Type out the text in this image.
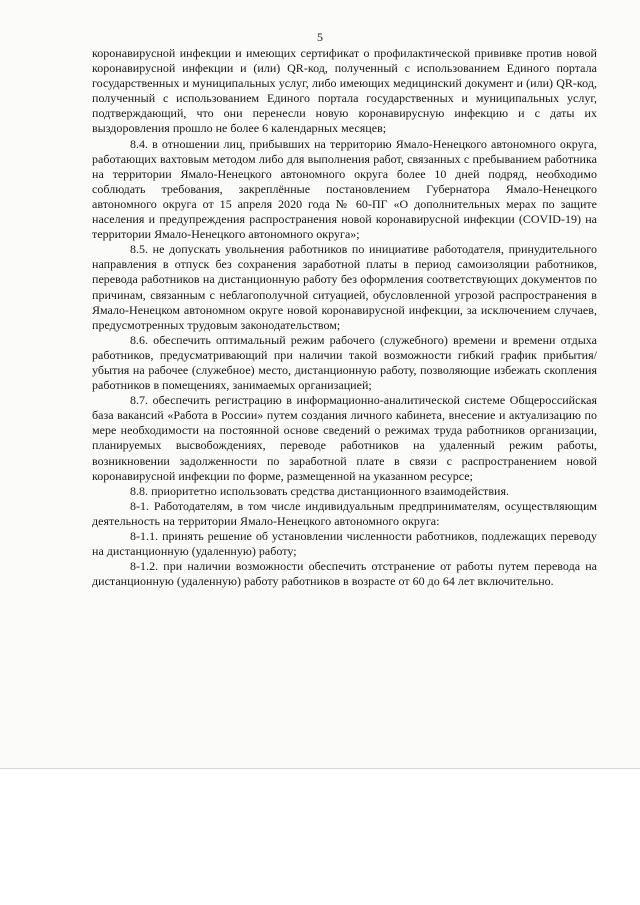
5

коронавирусной инфекции и имеющих сертификат о профилактической прививке против новой коронавирусной инфекции и (или) QR-код, полученный с использованием Единого портала государственных и муниципальных услуг, либо имеющих медицинский документ и (или) QR-код, полученный с использованием Единого портала государственных и муниципальных услуг, подтверждающий, что они перенесли новую коронавирусную инфекцию и с даты их выздоровления прошло не более 6 календарных месяцев;

8.4. в отношении лиц, прибывших на территорию Ямало-Ненецкого автономного округа, работающих вахтовым методом либо для выполнения работ, связанных с пребыванием работника на территории Ямало-Ненецкого автономного округа более 10 дней подряд, необходимо соблюдать требования, закреплённые постановлением Губернатора Ямало-Ненецкого автономного округа от 15 апреля 2020 года № 60-ПГ «О дополнительных мерах по защите населения и предупреждения распространения новой коронавирусной инфекции (COVID-19) на территории Ямало-Ненецкого автономного округа»;

8.5. не допускать увольнения работников по инициативе работодателя, принудительного направления в отпуск без сохранения заработной платы в период самоизоляции работников, перевода работников на дистанционную работу без оформления соответствующих документов по причинам, связанным с неблагополучной ситуацией, обусловленной угрозой распространения в Ямало-Ненецком автономном округе новой коронавирусной инфекции, за исключением случаев, предусмотренных трудовым законодательством;

8.6. обеспечить оптимальный режим рабочего (служебного) времени и времени отдыха работников, предусматривающий при наличии такой возможности гибкий график прибытия/убытия на рабочее (служебное) место, дистанционную работу, позволяющие избежать скопления работников в помещениях, занимаемых организацией;

8.7. обеспечить регистрацию в информационно-аналитической системе Общероссийская база вакансий «Работа в России» путем создания личного кабинета, внесение и актуализацию по мере необходимости на постоянной основе сведений о режимах труда работников организации, планируемых высвобождениях, переводе работников на удаленный режим работы, возникновении задолженности по заработной плате в связи с распространением новой коронавирусной инфекции по форме, размещенной на указанном ресурсе;

8.8. приоритетно использовать средства дистанционного взаимодействия.

8-1. Работодателям, в том числе индивидуальным предпринимателям, осуществляющим деятельность на территории Ямало-Ненецкого автономного округа:

8-1.1. принять решение об установлении численности работников, подлежащих переводу на дистанционную (удаленную) работу;

8-1.2. при наличии возможности обеспечить отстранение от работы путем перевода на дистанционную (удаленную) работу работников в возрасте от 60 до 64 лет включительно.
